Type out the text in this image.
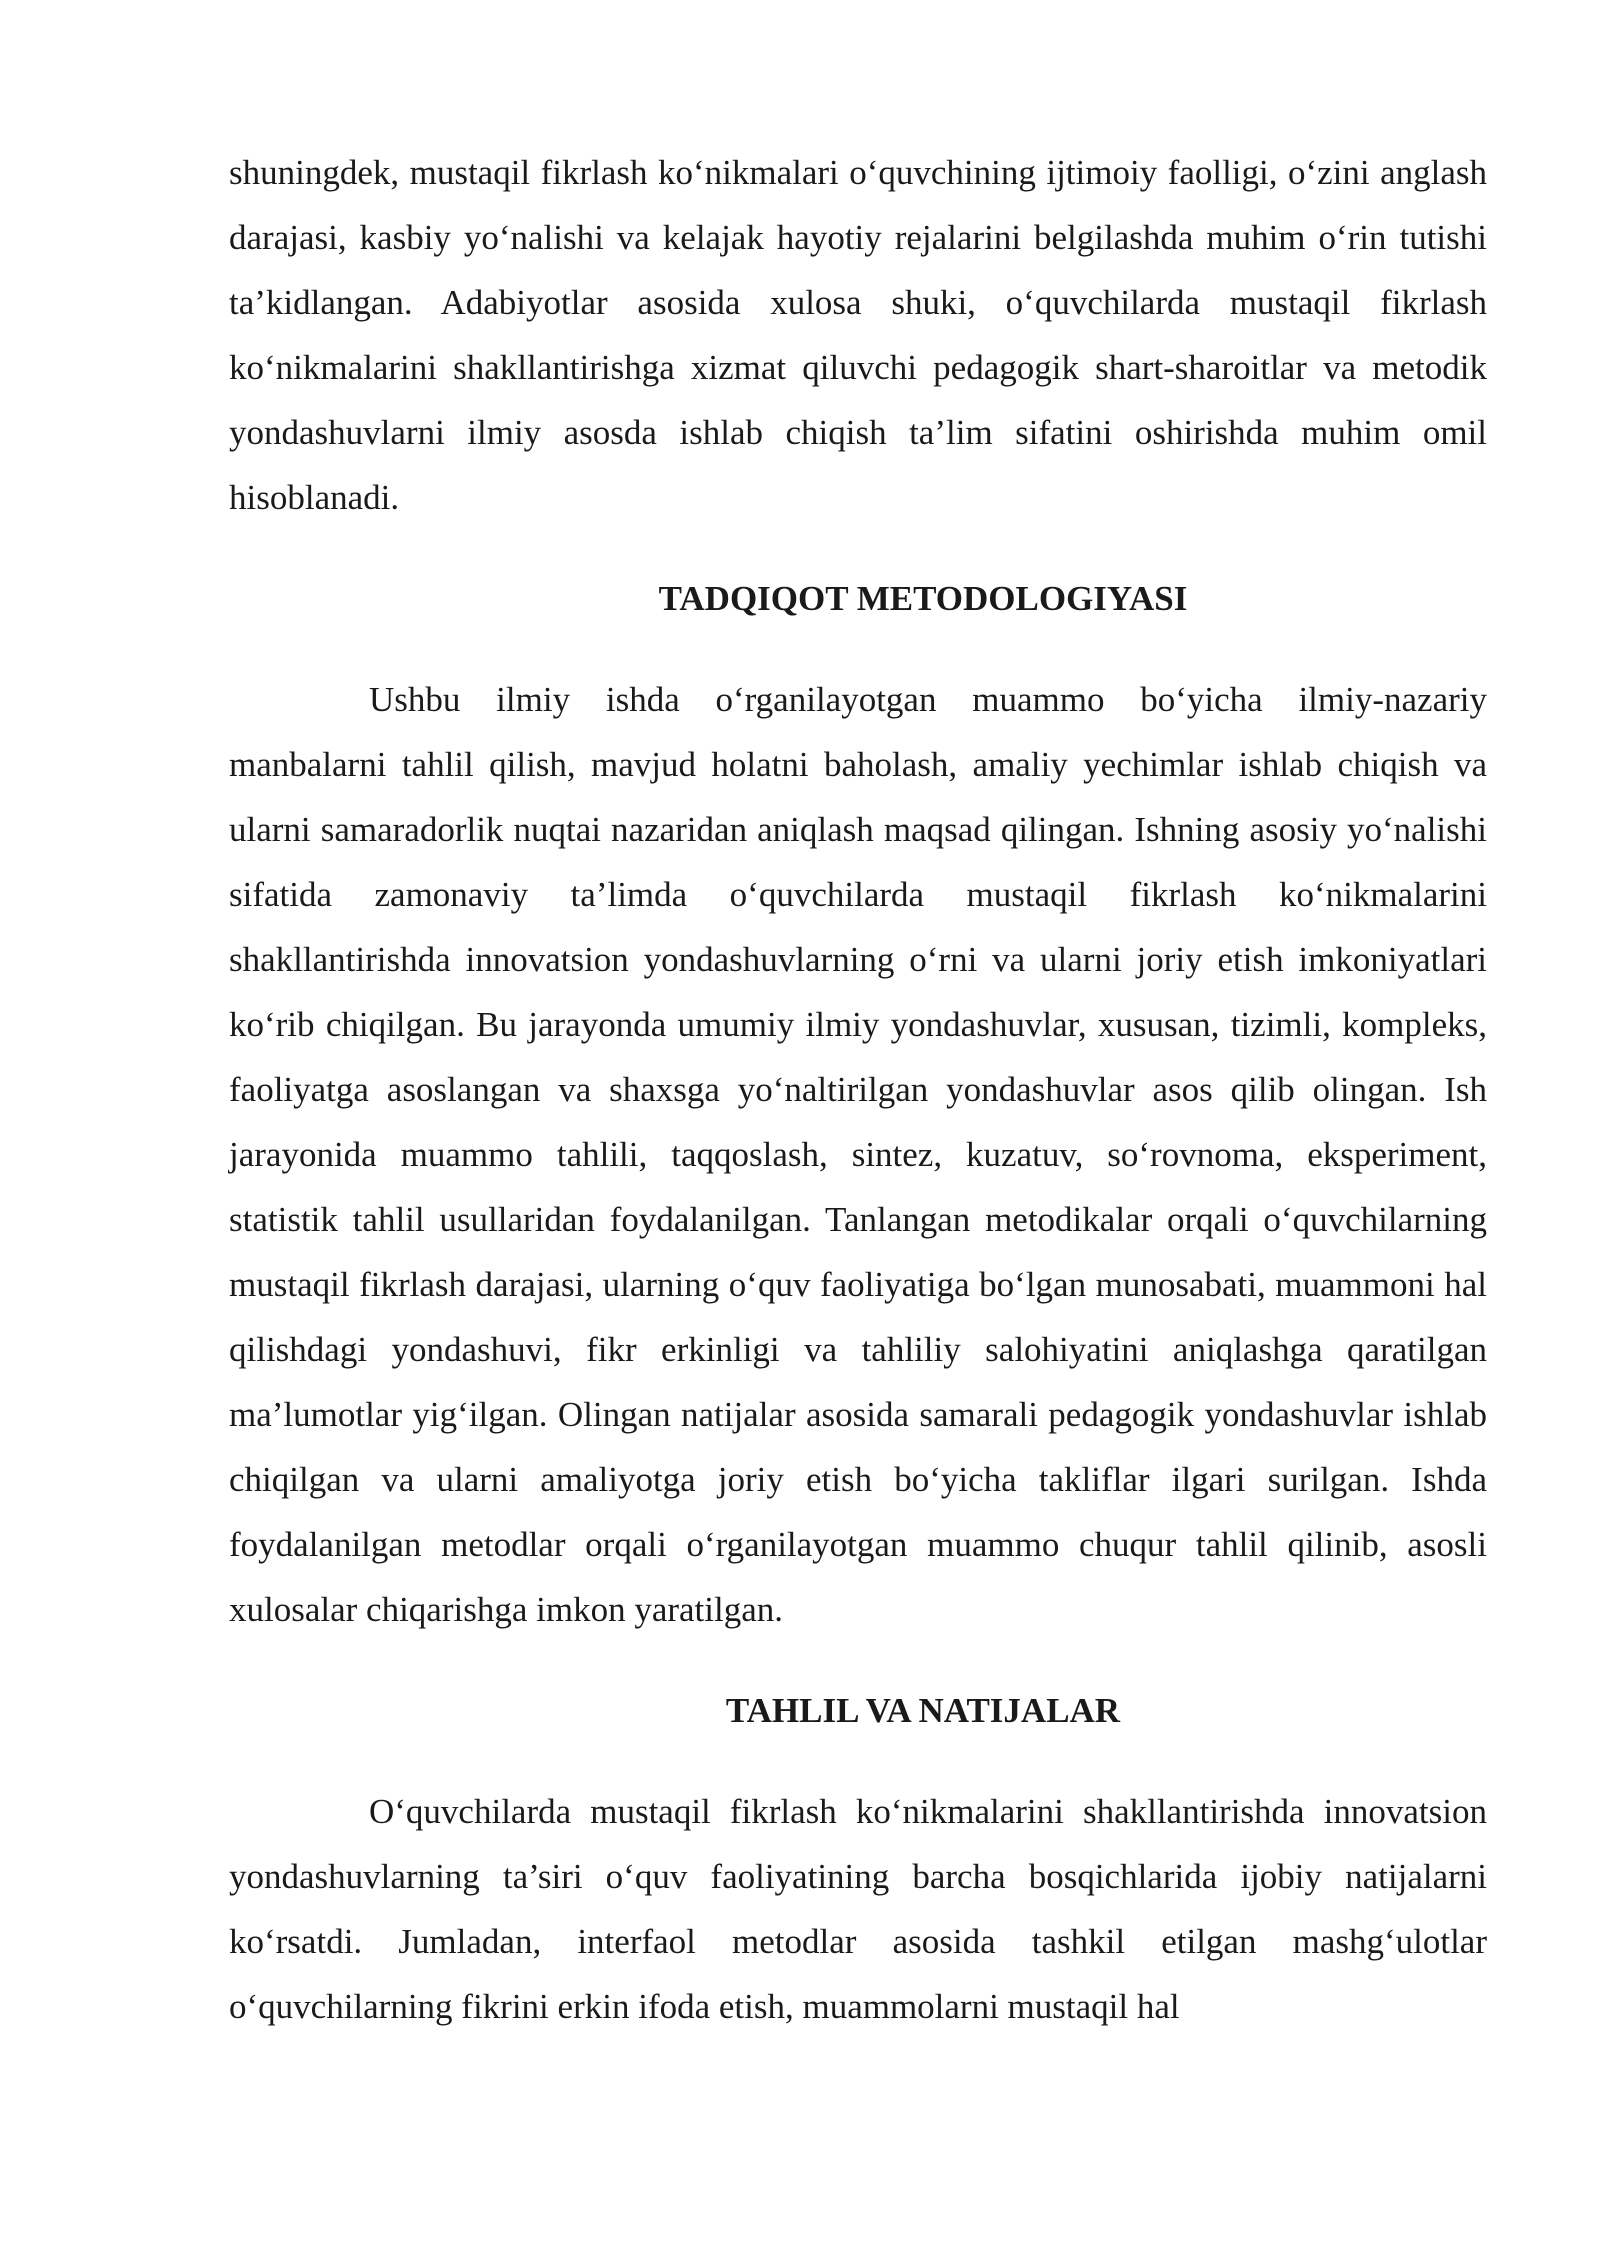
shuningdek, mustaqil fikrlash ko‘nikmalari o‘quvchining ijtimoiy faolligi, o‘zini anglash darajasi, kasbiy yo‘nalishi va kelajak hayotiy rejalarini belgilashda muhim o‘rin tutishi ta’kidlangan. Adabiyotlar asosida xulosa shuki, o‘quvchilarda mustaqil fikrlash ko‘nikmalarini shakllantirishga xizmat qiluvchi pedagogik shart-sharoitlar va metodik yondashuvlarni ilmiy asosda ishlab chiqish ta’lim sifatini oshirishda muhim omil hisoblanadi.

TADQIQOT METODOLOGIYASI

Ushbu ilmiy ishda o‘rganilayotgan muammo bo‘yicha ilmiy-nazariy manbalarni tahlil qilish, mavjud holatni baholash, amaliy yechimlar ishlab chiqish va ularni samaradorlik nuqtai nazaridan aniqlash maqsad qilingan. Ishning asosiy yo‘nalishi sifatida zamonaviy ta’limda o‘quvchilarda mustaqil fikrlash ko‘nikmalarini shakllantirishda innovatsion yondashuvlarning o‘rni va ularni joriy etish imkoniyatlari ko‘rib chiqilgan. Bu jarayonda umumiy ilmiy yondashuvlar, xususan, tizimli, kompleks, faoliyatga asoslangan va shaxsga yo‘naltirilgan yondashuvlar asos qilib olingan. Ish jarayonida muammo tahlili, taqqoslash, sintez, kuzatuv, so‘rovnoma, eksperiment, statistik tahlil usullaridan foydalanilgan. Tanlangan metodikalar orqali o‘quvchilarning mustaqil fikrlash darajasi, ularning o‘quv faoliyatiga bo‘lgan munosabati, muammoni hal qilishdagi yondashuvi, fikr erkinligi va tahliliy salohiyatini aniqlashga qaratilgan ma’lumotlar yig‘ilgan. Olingan natijalar asosida samarali pedagogik yondashuvlar ishlab chiqilgan va ularni amaliyotga joriy etish bo‘yicha takliflar ilgari surilgan. Ishda foydalanilgan metodlar orqali o‘rganilayotgan muammo chuqur tahlil qilinib, asosli xulosalar chiqarishga imkon yaratilgan.

TAHLIL VA NATIJALAR

O‘quvchilarda mustaqil fikrlash ko‘nikmalarini shakllantirishda innovatsion yondashuvlarning ta’siri o‘quv faoliyatining barcha bosqichlarida ijobiy natijalarni ko‘rsatdi. Jumladan, interfaol metodlar asosida tashkil etilgan mashg‘ulotlar o‘quvchilarning fikrini erkin ifoda etish, muammolarni mustaqil hal
